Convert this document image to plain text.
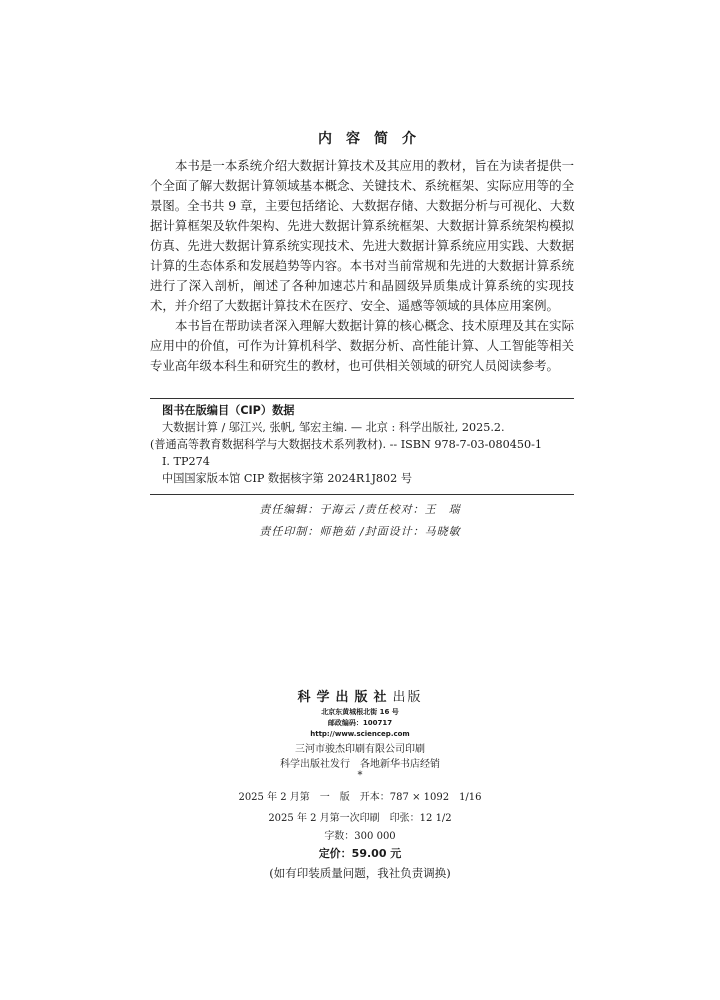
内容简介
　　本书是一本系统介绍大数据计算技术及其应用的教材，旨在为读者提供一
个全面了解大数据计算领域基本概念、关键技术、系统框架、实际应用等的全
景图。全书共 9 章，主要包括绪论、大数据存储、大数据分析与可视化、大数
据计算框架及软件架构、先进大数据计算系统框架、大数据计算系统架构模拟
仿真、先进大数据计算系统实现技术、先进大数据计算系统应用实践、大数据
计算的生态体系和发展趋势等内容。本书对当前常规和先进的大数据计算系统
进行了深入剖析，阐述了各种加速芯片和晶圆级异质集成计算系统的实现技
术，并介绍了大数据计算技术在医疗、安全、遥感等领域的具体应用案例。
　　本书旨在帮助读者深入理解大数据计算的核心概念、技术原理及其在实际
应用中的价值，可作为计算机科学、数据分析、高性能计算、人工智能等相关
专业高年级本科生和研究生的教材，也可供相关领域的研究人员阅读参考。
图书在版编目（CIP）数据
大数据计算 / 邬江兴, 张帆, 邹宏主编. — 北京 : 科学出版社, 2025.2.
(普通高等教育数据科学与大数据技术系列教材). -- ISBN 978-7-03-080450-1
Ⅰ. TP274
中国国家版本馆 CIP 数据核字第 2024R1J802 号
责任编辑：于海云 /责任校对：王　瑞
责任印制：师艳茹 /封面设计：马晓敏
科学出版社出版
北京东黄城根北街 16 号
邮政编码：100717
http://www.sciencep.com
三河市骏杰印刷有限公司印刷
科学出版社发行　各地新华书店经销
*
2025 年 2 月第　一　版　开本：787 × 1092　1/16
2025 年 2 月第一次印刷　印张：12 1/2
字数：300 000
定价：59.00 元
(如有印装质量问题，我社负责调换)
